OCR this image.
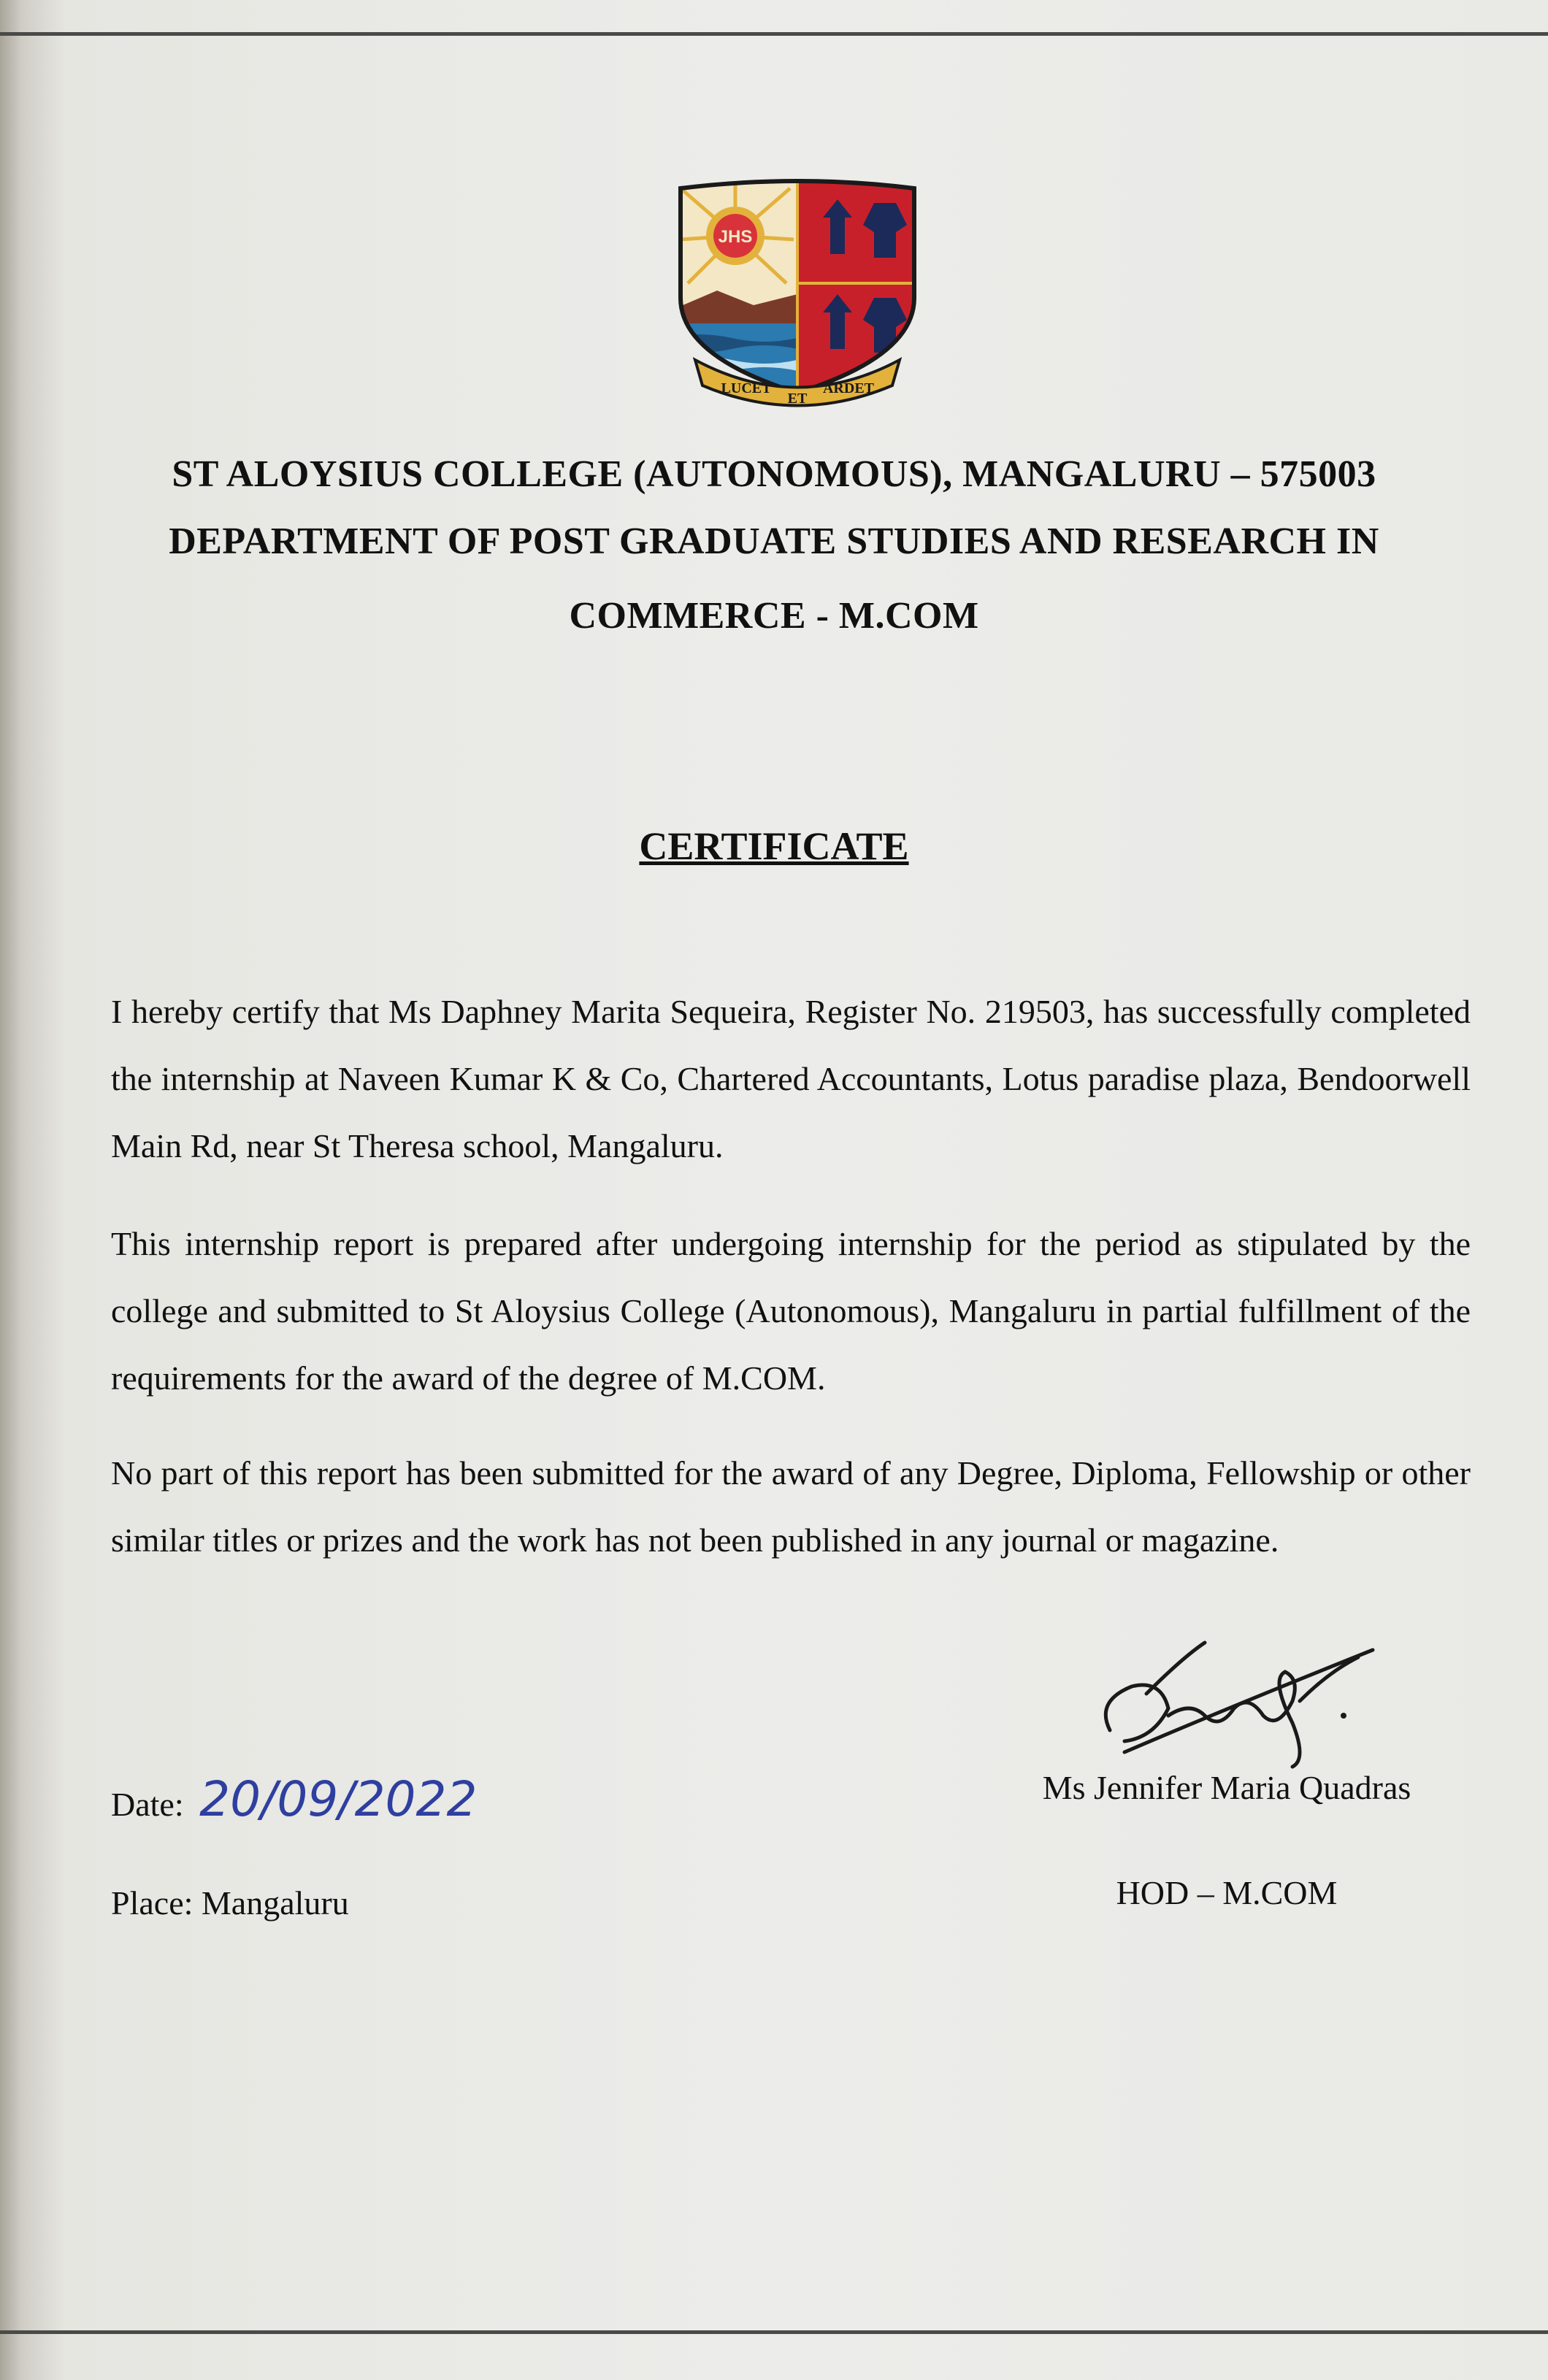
JHS
LUCET
ET
ARDET
ST ALOYSIUS COLLEGE (AUTONOMOUS), MANGALURU – 575003
DEPARTMENT OF POST GRADUATE STUDIES AND RESEARCH IN
COMMERCE - M.COM
CERTIFICATE

I hereby certify that Ms Daphney Marita Sequeira, Register No. 219503, has successfully completed the internship at Naveen Kumar K & Co, Chartered Accountants, Lotus paradise plaza, Bendoorwell Main Rd, near St Theresa school, Mangaluru.

This internship report is prepared after undergoing internship for the period as stipulated by the college and submitted to St Aloysius College (Autonomous), Mangaluru in partial fulfillment of the requirements for the award of the degree of M.COM.

No part of this report has been submitted for the award of any Degree, Diploma, Fellowship or other similar titles or prizes and the work has not been published in any journal or magazine.

Date: 20/09/2022
Place: Mangaluru
Ms Jennifer Maria Quadras
HOD – M.COM
